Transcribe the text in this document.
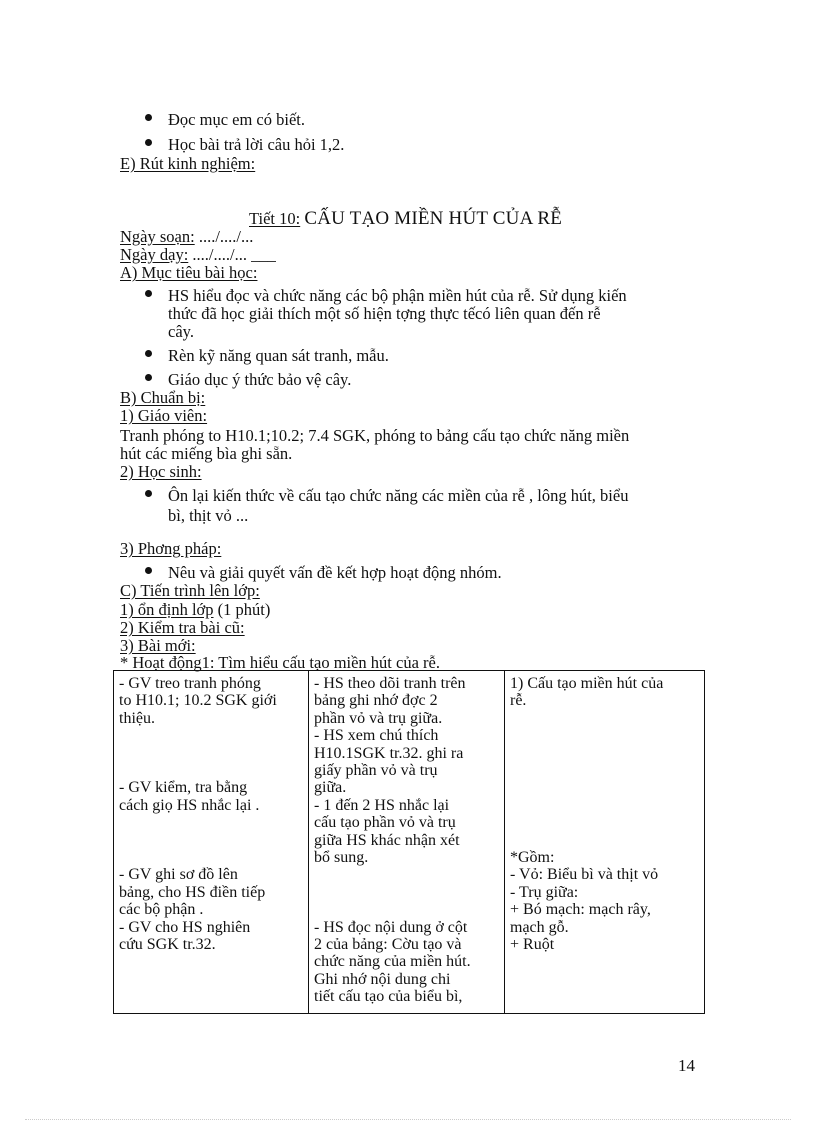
Đọc mục em có biết.
Học bài trả lời câu hỏi 1,2.
E) Rút kinh nghiệm:
Tiết 10: CẤU TẠO MIỀN HÚT CỦA RỄ
Ngày soạn: ..../..../...
Ngày dạy: ..../..../... ___
A) Mục tiêu bài học:
HS hiểu đọc và chức năng các bộ phận miền hút của rễ. Sử dụng kiến
thức đã học giải thích một số hiện tợng thực tếcó liên quan đến rễ
cây.
Rèn kỹ năng quan sát tranh, mẫu.
Giáo dục ý thức bảo vệ cây.
B) Chuẩn bị:
1) Giáo viên:
Tranh phóng to H10.1;10.2; 7.4 SGK, phóng to bảng cấu tạo chức năng miền
hút các miếng bìa ghi sẵn.
2) Học sinh:
Ôn lại kiến thức về cấu tạo chức năng các miền của rễ , lông hút, biểu
bì, thịt vỏ ...
3) Phơng pháp:
Nêu và giải quyết vấn đề kết hợp hoạt động nhóm.
C) Tiến trình lên lớp:
1) ổn định lớp (1 phút)
2) Kiểm tra bài cũ:
3) Bài mới:
* Hoạt động1: Tìm hiểu cấu tạo miền hút của rễ.
- GV treo tranh phóng
to H10.1; 10.2 SGK giới
thiệu.
- GV kiểm, tra bằng
cách giọ HS nhắc lại .
- GV ghi sơ đồ lên
bảng, cho HS điền tiếp
các bộ phận .
- GV cho HS nghiên
cứu SGK tr.32.

- HS theo dõi tranh trên
bảng ghi nhớ đợc 2
phần vỏ và trụ giữa.
- HS xem chú thích
H10.1SGK tr.32. ghi ra
giấy phần vỏ và trụ
giữa.
- 1 đến 2 HS nhắc lại
cấu tạo phần vỏ và trụ
giữa HS khác nhận xét
bổ sung.
- HS đọc nội dung ở cột
2 của bảng: Cờu tạo và
chức năng của miền hút.
Ghi nhớ nội dung chi
tiết cấu tạo của biểu bì,

1) Cấu tạo miền hút của
rễ.
*Gồm:
- Vỏ: Biểu bì và thịt vỏ
- Trụ giữa:
+ Bó mạch: mạch rây,
mạch gỗ.
+ Ruột
14
